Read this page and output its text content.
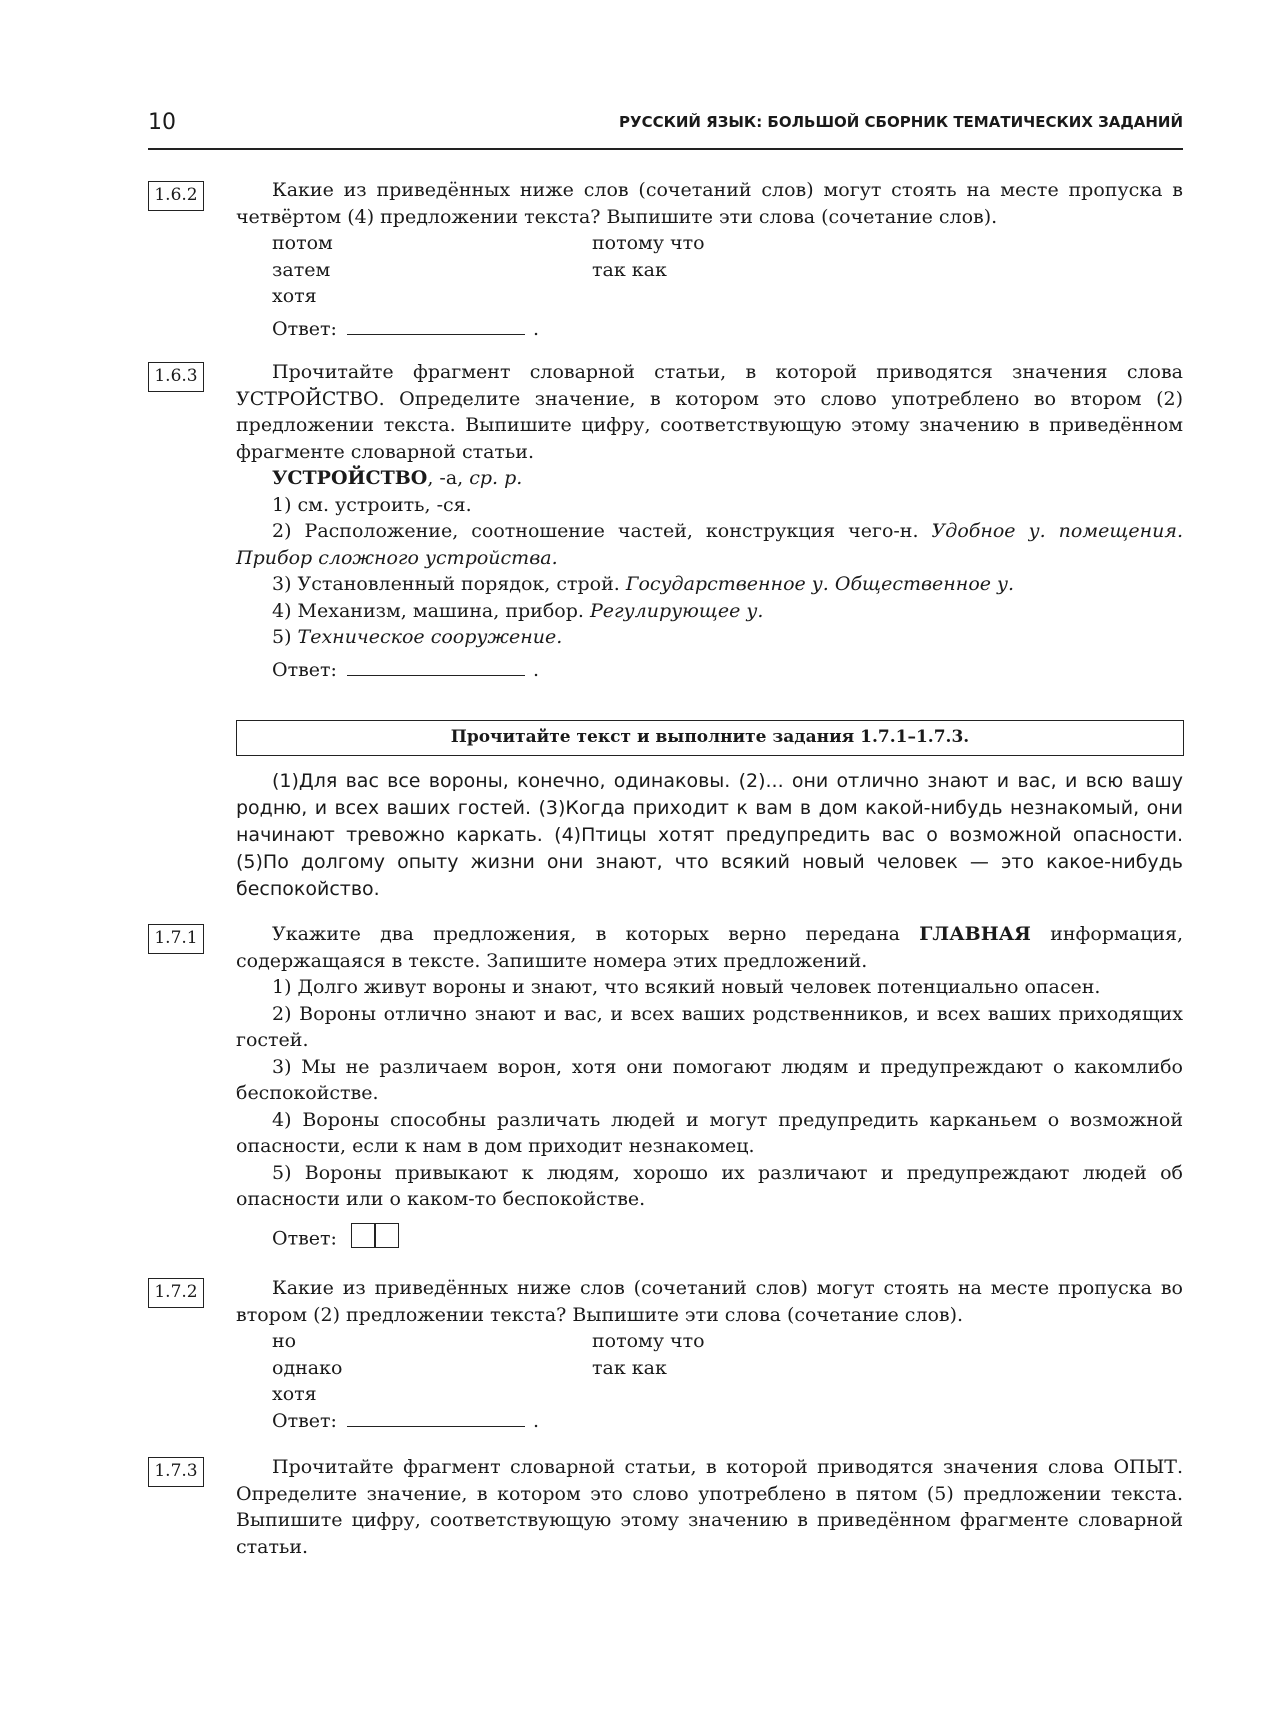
10	РУССКИЙ ЯЗЫК: БОЛЬШОЙ СБОРНИК ТЕМАТИЧЕСКИХ ЗАДАНИЙ
1.6.2	Какие из приведённых ниже слов (сочетаний слов) могут стоять на месте пропуска в четвёртом (4) предложении текста? Выпишите эти слова (сочетание слов).

потом	потому что
затем	так как
хотя
Ответ:	.
1.6.3	Прочитайте фрагмент словарной статьи, в которой приводятся значения слова УСТРОЙСТВО. Определите значение, в котором это слово употреблено во втором (2) предложении текста. Выпишите цифру, соответствующую этому значению в приведённом фрагменте словарной статьи.

УСТРОЙСТВО, -а, ср. р.

1) см. устроить, -ся.

2) Расположение, соотношение частей, конструкция чего-н. Удобное у. помещения. Прибор сложного устройства.

3) Установленный порядок, строй. Государственное у. Общественное у.

4) Механизм, машина, прибор. Регулирующее у.

5) Техническое сооружение.

Ответ:	.
Прочитайте текст и выполните задания 1.7.1–1.7.3.
(1)Для вас все вороны, конечно, одинаковы. (2)... они отлично знают и вас, и всю вашу родню, и всех ваших гостей. (3)Когда приходит к вам в дом какой-нибудь незнакомый, они начинают тревожно каркать. (4)Птицы хотят предупредить вас о возможной опасности. (5)По долгому опыту жизни они знают, что всякий новый человек — это какое-нибудь беспокойство.
1.7.1	Укажите два предложения, в которых верно передана ГЛАВНАЯ информация, содержащаяся в тексте. Запишите номера этих предложений.

1) Долго живут вороны и знают, что всякий новый человек потенциально опасен.

2) Вороны отлично знают и вас, и всех ваших родственников, и всех ваших приходящих гостей.

3) Мы не различаем ворон, хотя они помогают людям и предупреждают о какомлибо беспокойстве.

4) Вороны способны различать людей и могут предупредить карканьем о возможной опасности, если к нам в дом приходит незнакомец.

5) Вороны привыкают к людям, хорошо их различают и предупреждают людей об опасности или о каком-то беспокойстве.

Ответ:
1.7.2	Какие из приведённых ниже слов (сочетаний слов) могут стоять на месте пропуска во втором (2) предложении текста? Выпишите эти слова (сочетание слов).

но	потому что
однако	так как
хотя
Ответ:	.
1.7.3	Прочитайте фрагмент словарной статьи, в которой приводятся значения слова ОПЫТ. Определите значение, в котором это слово употреблено в пятом (5) предложении текста. Выпишите цифру, соответствующую этому значению в приведённом фрагменте словарной статьи.
